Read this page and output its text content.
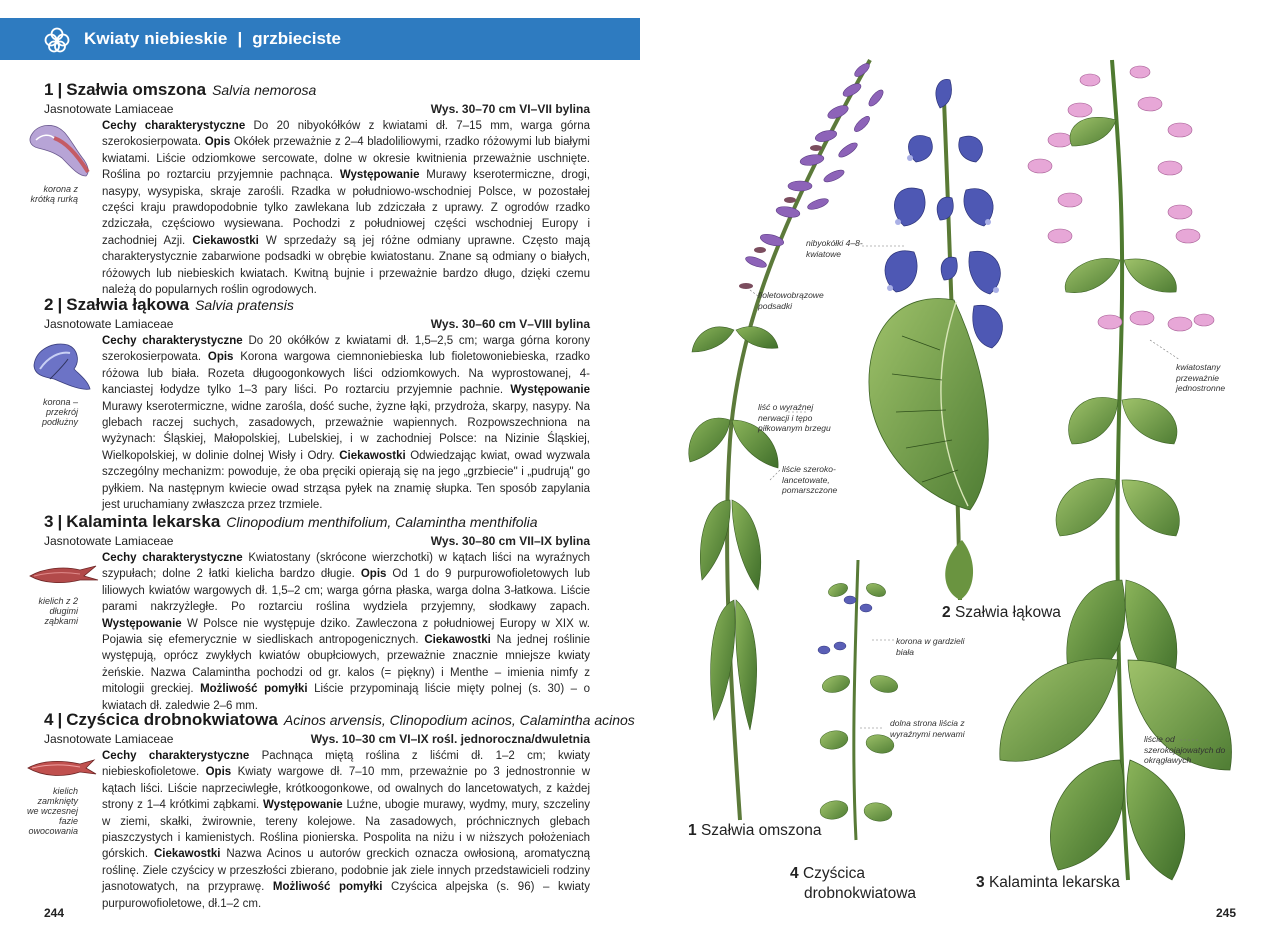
Kwiaty niebieskie | grzbieciste
1 | Szałwia omszona Salvia nemorosa
Jasnotowate Lamiaceae	Wys. 30–70 cm VI–VII bylina
korona z krótką rurką
Cechy charakterystyczne Do 20 nibyokółków z kwiatami dł. 7–15 mm, warga górna szerokosierpowata. Opis Okółek przeważnie z 2–4 bladoliliowymi, rzadko różowymi lub białymi kwiatami. Liście odziomkowe sercowate, dolne w okresie kwitnienia przeważnie uschnięte. Roślina po roztarciu przyjemnie pachnąca. Występowanie Murawy kserotermiczne, drogi, nasypy, wysypiska, skraje zarośli. Rzadka w południowo-wschodniej Polsce, w pozostałej części kraju prawdopodobnie tylko zawlekana lub zdziczała z uprawy. Z ogrodów rzadko zdziczała, częściowo wysiewana. Pochodzi z południowej części wschodniej Europy i zachodniej Azji. Ciekawostki W sprzedaży są jej różne odmiany uprawne. Często mają charakterystycznie zabarwione podsadki w obrębie kwiatostanu. Znane są odmiany o białych, różowych lub niebieskich kwiatach. Kwitną bujnie i przeważnie bardzo długo, dzięki czemu należą do popularnych roślin ogrodowych.
2 | Szałwia łąkowa Salvia pratensis
Jasnotowate Lamiaceae	Wys. 30–60 cm V–VIII bylina
korona – przekrój podłużny
Cechy charakterystyczne Do 20 okółków z kwiatami dł. 1,5–2,5 cm; warga górna korony szerokosierpowata. Opis Korona wargowa ciemnoniebieska lub fioletowoniebieska, rzadko różowa lub biała. Rozeta długoogonkowych liści odziomkowych. Na wyprostowanej, 4-kanciastej łodydze tylko 1–3 pary liści. Po roztarciu przyjemnie pachnie. Występowanie Murawy kserotermiczne, widne zarośla, dość suche, żyzne łąki, przydroża, skarpy, nasypy. Na glebach raczej suchych, zasadowych, przeważnie wapiennych. Rozpowszechniona na wyżynach: Śląskiej, Małopolskiej, Lubelskiej, i w zachodniej Polsce: na Nizinie Śląskiej, Wielkopolskiej, w dolinie dolnej Wisły i Odry. Ciekawostki Odwiedzając kwiat, owad wyzwala szczególny mechanizm: powoduje, że oba pręciki opierają się na jego „grzbiecie" i „pudrują" go pyłkiem. Na następnym kwiecie owad strząsa pyłek na znamię słupka. Ten sposób zapylania jest uruchamiany zwłaszcza przez trzmiele.
3 | Kalaminta lekarska Clinopodium menthifolium, Calamintha menthifolia
Jasnotowate Lamiaceae	Wys. 30–80 cm VII–IX bylina
kielich z 2 długimi ząbkami
Cechy charakterystyczne Kwiatostany (skrócone wierzchotki) w kątach liści na wyraźnych szypułach; dolne 2 łatki kielicha bardzo długie. Opis Od 1 do 9 purpurowofioletowych lub liliowych kwiatów wargowych dł. 1,5–2 cm; warga górna płaska, warga dolna 3-łatkowa. Liście parami nakrzyżległe. Po roztarciu roślina wydziela przyjemny, słodkawy zapach. Występowanie W Polsce nie występuje dziko. Zawleczona z południowej Europy w XIX w. Pojawia się efemerycznie w siedliskach antropogenicznych. Ciekawostki Na jednej roślinie występują, oprócz zwykłych kwiatów obupłciowych, przeważnie znacznie mniejsze kwiaty żeńskie. Nazwa Calamintha pochodzi od gr. kalos (= piękny) i Menthe – imienia nimfy z mitologii greckiej. Możliwość pomyłki Liście przypominają liście mięty polnej (s. 30) – o kwiatach dł. zaledwie 2–6 mm.
4 | Czyścica drobnokwiatowa Acinos arvensis, Clinopodium acinos, Calamintha acinos
Jasnotowate Lamiaceae	Wys. 10–30 cm VI–IX rośl. jednoroczna/dwuletnia
kielich zamknięty we wczesnej fazie owocowania
Cechy charakterystyczne Pachnąca miętą roślina z liśćmi dł. 1–2 cm; kwiaty niebieskofioletowe. Opis Kwiaty wargowe dł. 7–10 mm, przeważnie po 3 jednostronnie w kątach liści. Liście naprzeciwległe, krótkoogonkowe, od owalnych do lancetowatych, z każdej strony z 1–4 krótkimi ząbkami. Występowanie Luźne, ubogie murawy, wydmy, mury, szczeliny w ziemi, skałki, żwirownie, tereny kolejowe. Na zasadowych, próchnicznych glebach piaszczystych i kamienistych. Roślina pionierska. Pospolita na niżu i w niższych położeniach górskich. Ciekawostki Nazwa Acinos u autorów greckich oznacza owłosioną, aromatyczną roślinę. Ziele czyścicy w przeszłości zbierano, podobnie jak ziele innych przedstawicieli rodziny jasnotowatych, na przyprawę. Możliwość pomyłki Czyścica alpejska (s. 96) – kwiaty purpurowofioletowe, dł.1–2 cm.
244
nibyokółki 4–8-kwiatowe
fioletowobrązowe podsadki
liść o wyraźnej nerwacji i tępo piłkowanym brzegu
liście szeroko-lancetowate, pomarszczone
kwiatostany przeważnie jednostronne
korona w gardzieli biała
dolna strona liścia z wyraźnymi nerwami
liście od szerokojajowatych do okrągławych
1 Szałwia omszona
2 Szałwia łąkowa
3 Kalaminta lekarska
4 Czyścica
drobnokwiatowa
245
